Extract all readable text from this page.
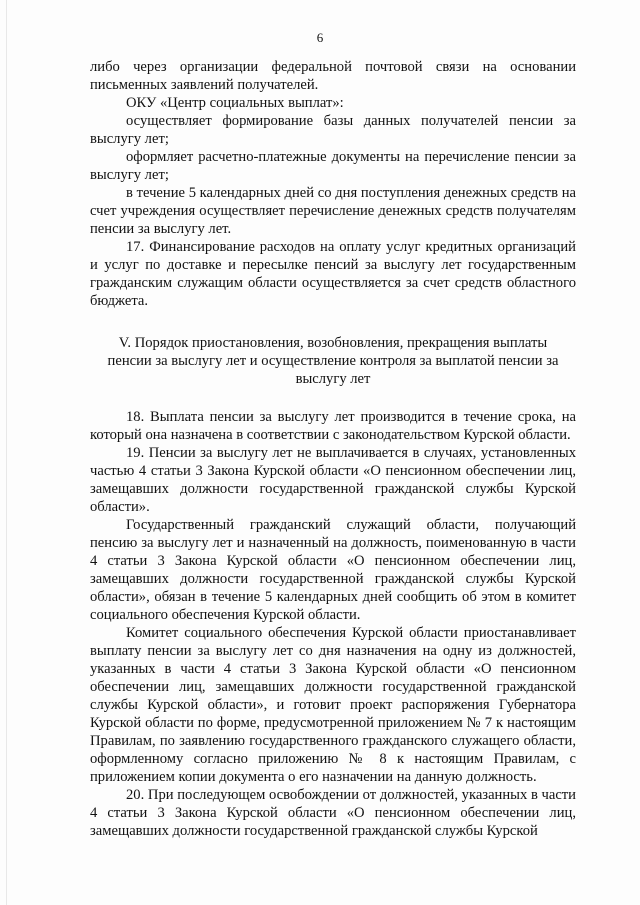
6

либо через организации федеральной почтовой связи на основании письменных заявлений получателей.

ОКУ «Центр социальных выплат»:

осуществляет формирование базы данных получателей пенсии за выслугу лет;

оформляет расчетно-платежные документы на перечисление пенсии за выслугу лет;

в течение 5 календарных дней со дня поступления денежных средств на счет учреждения осуществляет перечисление денежных средств получателям пенсии за выслугу лет.

17. Финансирование расходов на оплату услуг кредитных организаций и услуг по доставке и пересылке пенсий за выслугу лет государственным гражданским служащим области осуществляется за счет средств областного бюджета.

V. Порядок приостановления, возобновления, прекращения выплаты
пенсии за выслугу лет и осуществление контроля за выплатой пенсии за
выслугу лет

18. Выплата пенсии за выслугу лет производится в течение срока, на который она назначена в соответствии с законодательством Курской области.

19. Пенсии за выслугу лет не выплачивается в случаях, установленных частью 4 статьи 3 Закона Курской области «О пенсионном обеспечении лиц, замещавших должности государственной гражданской службы Курской области».

Государственный гражданский служащий области, получающий пенсию за выслугу лет и назначенный на должность, поименованную в части 4 статьи 3 Закона Курской области «О пенсионном обеспечении лиц, замещавших должности государственной гражданской службы Курской области», обязан в течение 5 календарных дней сообщить об этом в комитет социального обеспечения Курской области.

Комитет социального обеспечения Курской области приостанавливает выплату пенсии за выслугу лет со дня назначения на одну из должностей, указанных в части 4 статьи 3 Закона Курской области «О пенсионном обеспечении лиц, замещавших должности государственной гражданской службы Курской области», и готовит проект распоряжения Губернатора Курской области по форме, предусмотренной приложением № 7 к настоящим Правилам, по заявлению государственного гражданского служащего области, оформленному согласно приложению № 8 к настоящим Правилам, с приложением копии документа о его назначении на данную должность.

20. При последующем освобождении от должностей, указанных в части 4 статьи 3 Закона Курской области «О пенсионном обеспечении лиц, замещавших должности государственной гражданской службы Курской
